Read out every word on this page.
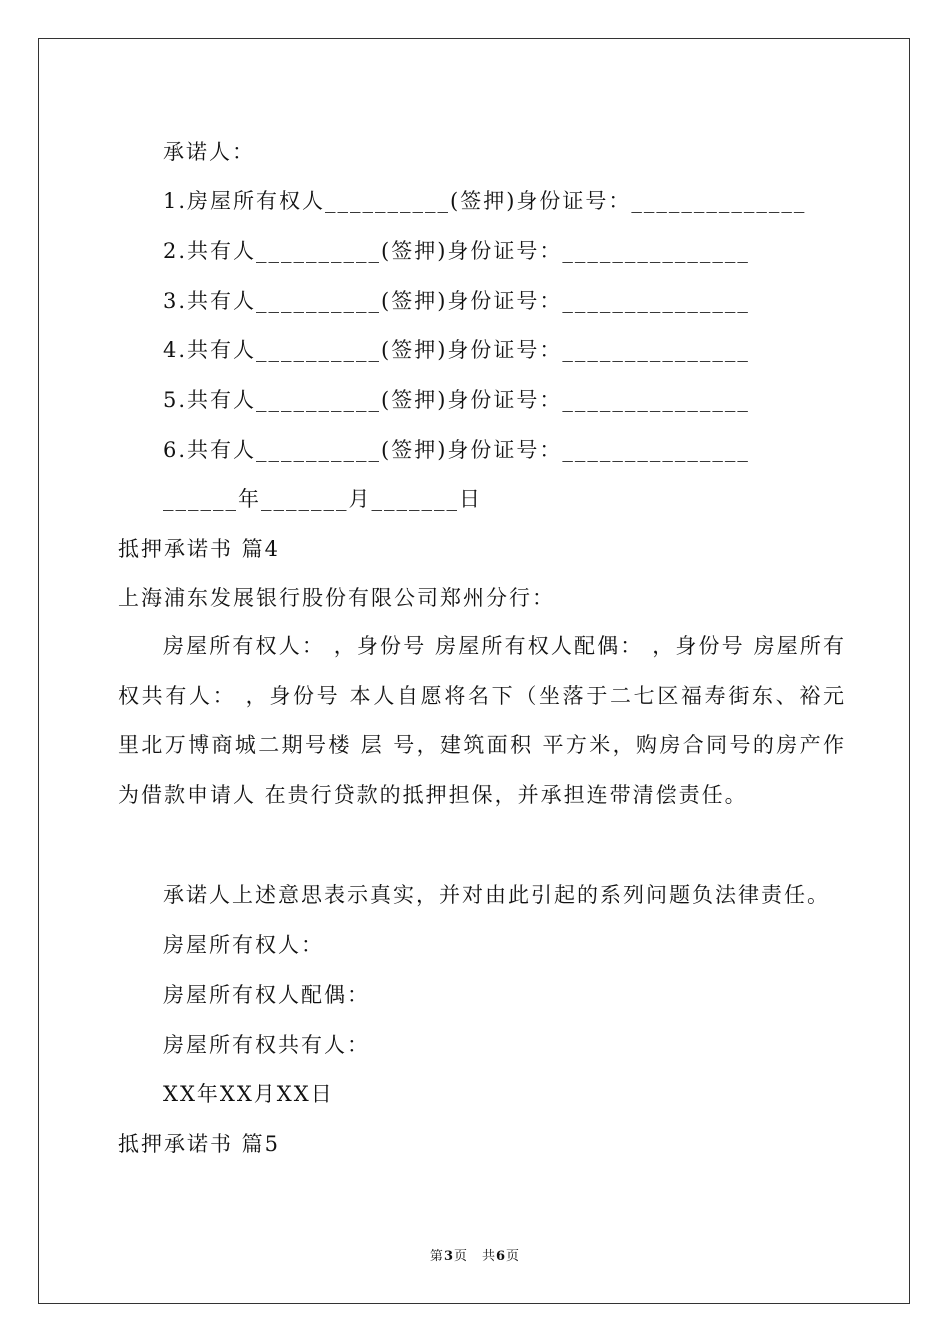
承诺人：
1.房屋所有权人__________(签押)身份证号：______________
2.共有人__________(签押)身份证号：_______________
3.共有人__________(签押)身份证号：_______________
4.共有人__________(签押)身份证号：_______________
5.共有人__________(签押)身份证号：_______________
6.共有人__________(签押)身份证号：_______________
______年_______月_______日
抵押承诺书 篇4
上海浦东发展银行股份有限公司郑州分行：

房屋所有权人： ，身份号 房屋所有权人配偶： ，身份号 房屋所有权共有人： ，身份号 本人自愿将名下（坐落于二七区福寿街东、裕元里北万博商城二期号楼 层 号，建筑面积 平方米，购房合同号的房产作为借款申请人 在贵行贷款的抵押担保，并承担连带清偿责任。

承诺人上述意思表示真实，并对由此引起的系列问题负法律责任。
房屋所有权人：
房屋所有权人配偶：
房屋所有权共有人：
XX年XX月XX日
抵押承诺书 篇5
第3页　共6页
